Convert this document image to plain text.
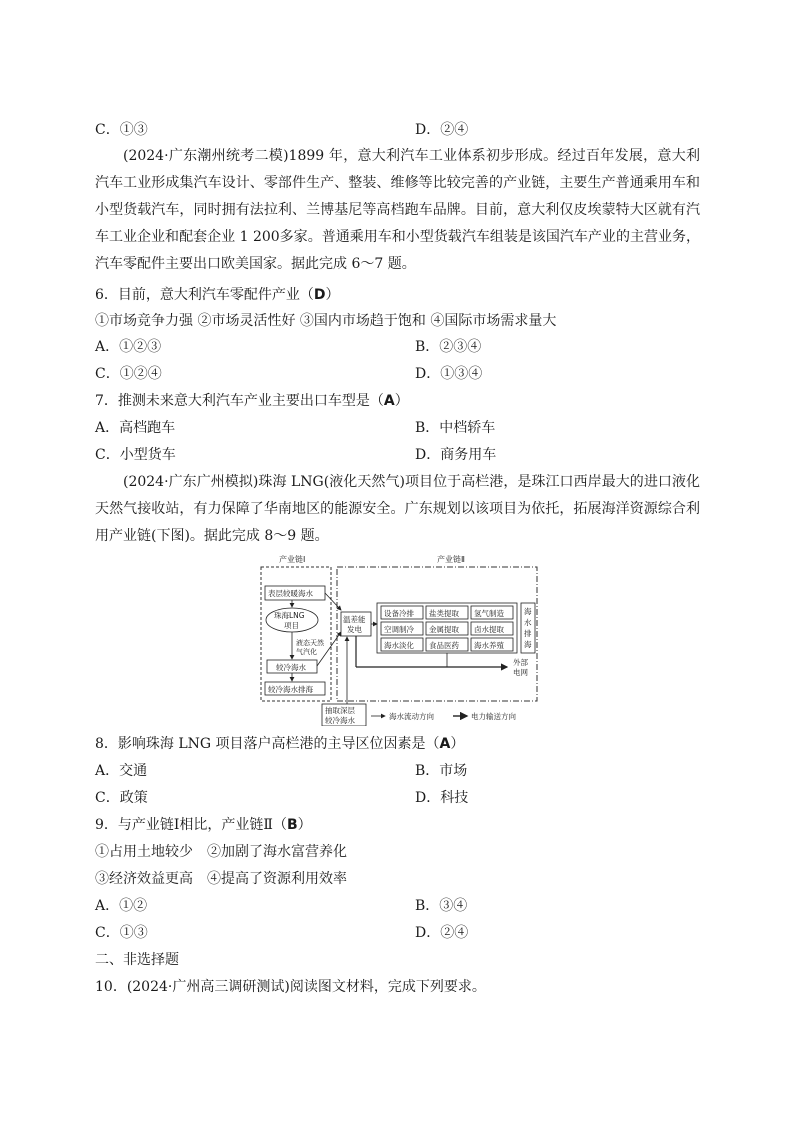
C．①③	D．②④
(2024·广东潮州统考二模)1899 年，意大利汽车工业体系初步形成。经过百年发展，意大利汽车工业形成集汽车设计、零部件生产、整装、维修等比较完善的产业链，主要生产普通乘用车和小型货载汽车，同时拥有法拉利、兰博基尼等高档跑车品牌。目前，意大利仅皮埃蒙特大区就有汽车工业企业和配套企业 1 200多家。普通乘用车和小型货载汽车组装是该国汽车产业的主营业务，汽车零配件主要出口欧美国家。据此完成 6～7 题。
6．目前，意大利汽车零配件产业（D）
①市场竞争力强 ②市场灵活性好 ③国内市场趋于饱和 ④国际市场需求量大
A．①②③	B．②③④
C．①②④	D．①③④
7．推测未来意大利汽车产业主要出口车型是（A）
A．高档跑车	B．中档轿车
C．小型货车	D．商务用车
(2024·广东广州模拟)珠海 LNG(液化天然气)项目位于高栏港，是珠江口西岸最大的进口液化天然气接收站，有力保障了华南地区的能源安全。广东规划以该项目为依托，拓展海洋资源综合利用产业链(下图)。据此完成 8～9 题。
产业链Ⅰ	产业链Ⅱ
表层较暖海水
珠海LNG
项目
液态天然
气汽化
较冷海水
较冷海水排海
温差能
发电
设备冷排 盐类提取 氢气制造
空调制冷 金属提取 卤水提取
海水淡化 食品医药 海水养殖
海
水
排
海
外部
电网
抽取深层
较冷海水	海水流动方向	电力输送方向
8．影响珠海 LNG 项目落户高栏港的主导区位因素是（A）
A．交通	B．市场
C．政策	D．科技
9．与产业链Ⅰ相比，产业链Ⅱ（B）
①占用土地较少　②加剧了海水富营养化
③经济效益更高　④提高了资源利用效率
A．①②	B．③④
C．①③	D．②④
二、非选择题
10．(2024·广州高三调研测试)阅读图文材料，完成下列要求。
